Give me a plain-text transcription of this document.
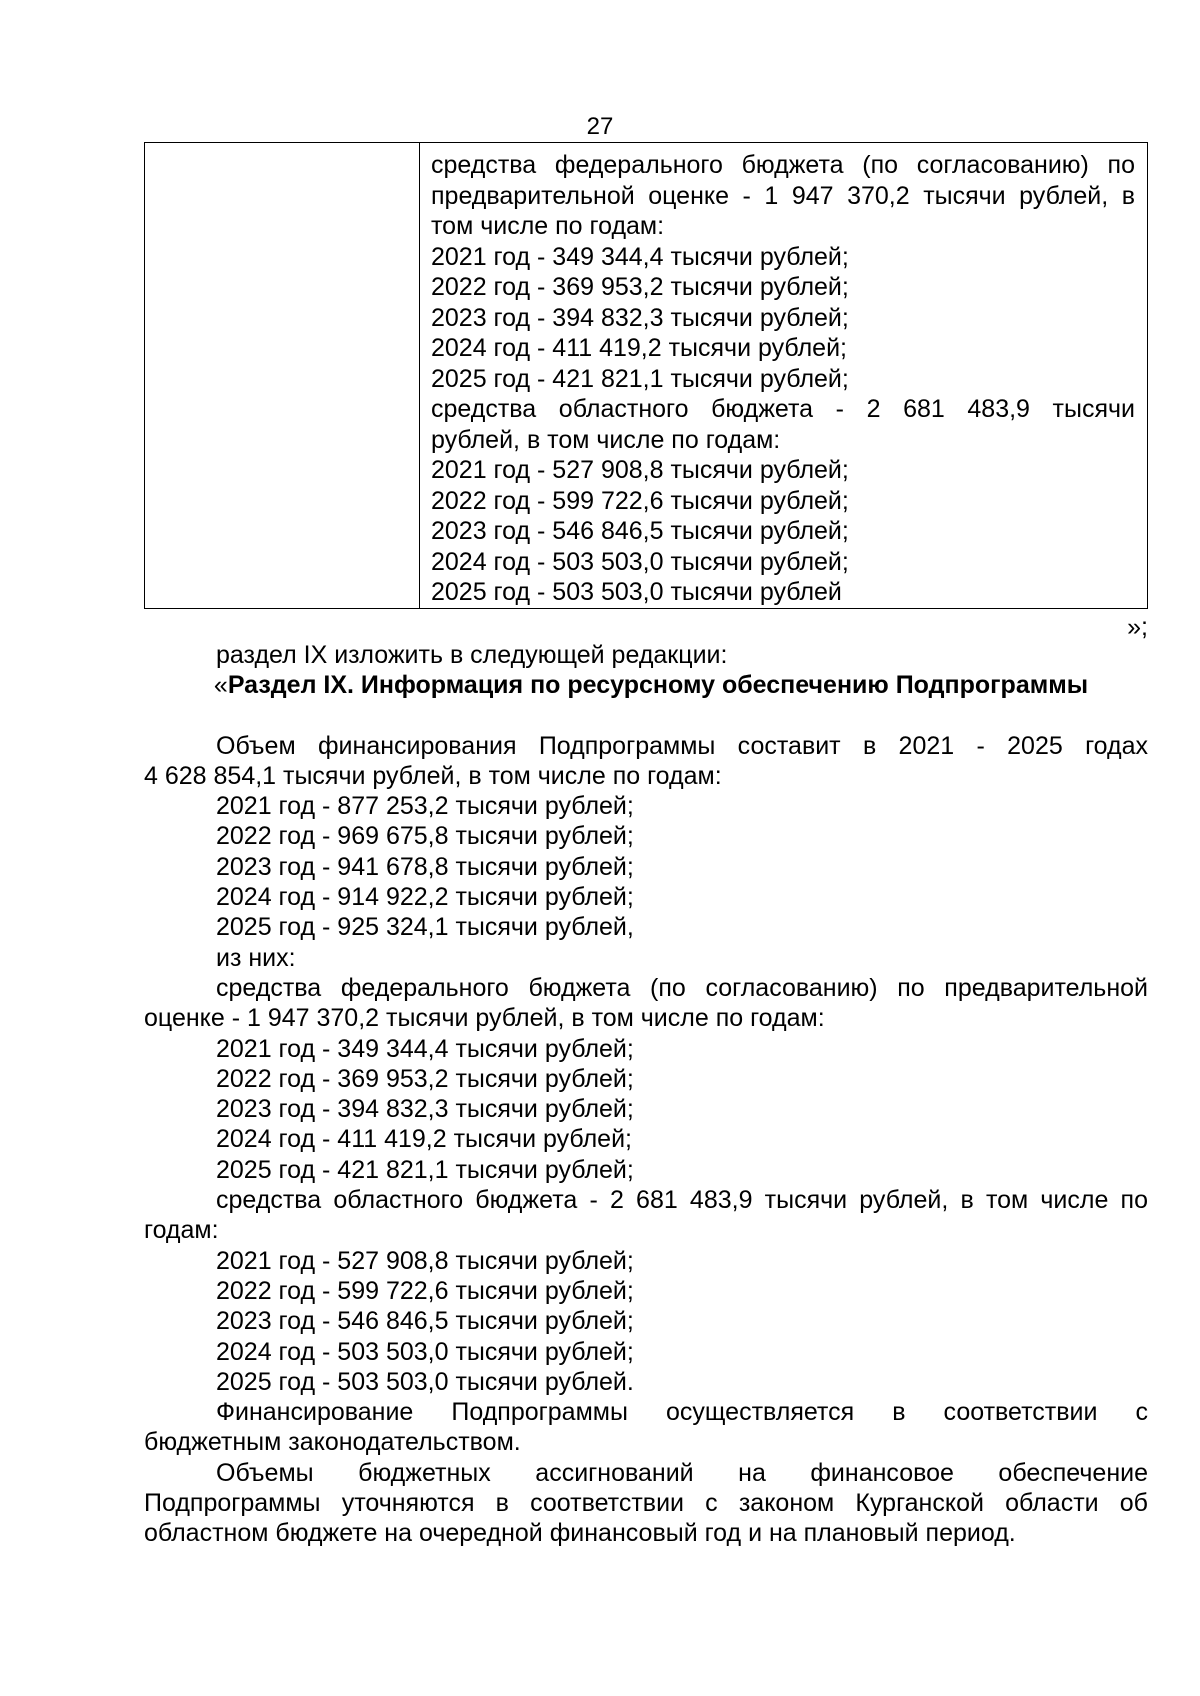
27

средства федерального бюджета (по согласованию) по
предварительной оценке - 1 947 370,2 тысячи рублей, в
том числе по годам:
2021 год - 349 344,4 тысячи рублей;
2022 год - 369 953,2 тысячи рублей;
2023 год - 394 832,3 тысячи рублей;
2024 год - 411 419,2 тысячи рублей;
2025 год - 421 821,1 тысячи рублей;
средства областного бюджета - 2 681 483,9 тысячи
рублей, в том числе по годам:
2021 год - 527 908,8 тысячи рублей;
2022 год - 599 722,6 тысячи рублей;
2023 год - 546 846,5 тысячи рублей;
2024 год - 503 503,0 тысячи рублей;
2025 год - 503 503,0 тысячи рублей
»;
раздел IX изложить в следующей редакции:
«Раздел IX. Информация по ресурсному обеспечению Подпрограммы
Объем финансирования Подпрограммы составит в 2021 - 2025 годах
4 628 854,1 тысячи рублей, в том числе по годам:
2021 год - 877 253,2 тысячи рублей;
2022 год - 969 675,8 тысячи рублей;
2023 год - 941 678,8 тысячи рублей;
2024 год - 914 922,2 тысячи рублей;
2025 год - 925 324,1 тысячи рублей,
из них:
средства федерального бюджета (по согласованию) по предварительной
оценке - 1 947 370,2 тысячи рублей, в том числе по годам:
2021 год - 349 344,4 тысячи рублей;
2022 год - 369 953,2 тысячи рублей;
2023 год - 394 832,3 тысячи рублей;
2024 год - 411 419,2 тысячи рублей;
2025 год - 421 821,1 тысячи рублей;
средства областного бюджета - 2 681 483,9 тысячи рублей, в том числе по
годам:
2021 год - 527 908,8 тысячи рублей;
2022 год - 599 722,6 тысячи рублей;
2023 год - 546 846,5 тысячи рублей;
2024 год - 503 503,0 тысячи рублей;
2025 год - 503 503,0 тысячи рублей.
Финансирование Подпрограммы осуществляется в соответствии с
бюджетным законодательством.
Объемы бюджетных ассигнований на финансовое обеспечение
Подпрограммы уточняются в соответствии с законом Курганской области об
областном бюджете на очередной финансовый год и на плановый период.
